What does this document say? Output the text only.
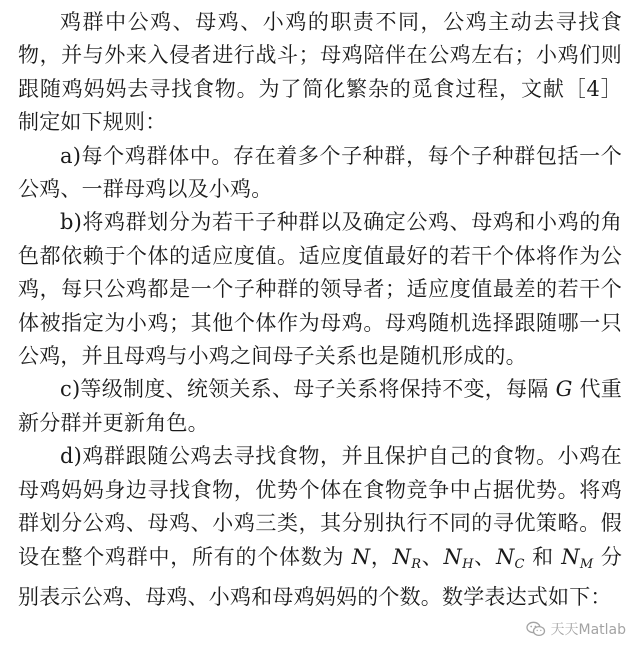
鸡群中公鸡、母鸡、小鸡的职责不同，公鸡主动去寻找食物，并与外来入侵者进行战斗；母鸡陪伴在公鸡左右；小鸡们则跟随鸡妈妈去寻找食物。为了简化繁杂的觅食过程，文献［4］制定如下规则：

a)每个鸡群体中。存在着多个子种群，每个子种群包括一个公鸡、一群母鸡以及小鸡。

b)将鸡群划分为若干子种群以及确定公鸡、母鸡和小鸡的角色都依赖于个体的适应度值。适应度值最好的若干个体将作为公鸡，每只公鸡都是一个子种群的领导者；适应度值最差的若干个体被指定为小鸡；其他个体作为母鸡。母鸡随机选择跟随哪一只公鸡，并且母鸡与小鸡之间母子关系也是随机形成的。

c)等级制度、统领关系、母子关系将保持不变，每隔 G 代重新分群并更新角色。

d)鸡群跟随公鸡去寻找食物，并且保护自己的食物。小鸡在母鸡妈妈身边寻找食物，优势个体在食物竞争中占据优势。将鸡群划分公鸡、母鸡、小鸡三类，其分别执行不同的寻优策略。假设在整个鸡群中，所有的个体数为 N，$N_R$、$N_H$、$N_C$ 和 $N_M$ 分别表示公鸡、母鸡、小鸡和母鸡妈妈的个数。数学表达式如下：

天天Matlab
